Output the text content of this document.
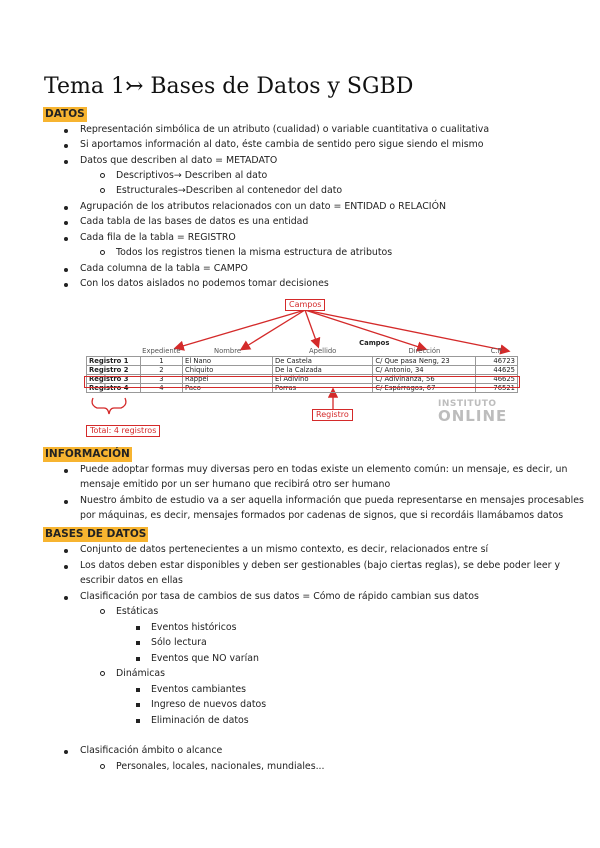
Tema 1↣ Bases de Datos y SGBD
DATOS
Representación simbólica de un atributo (cualidad) o variable cuantitativa o cualitativa
Si aportamos información al dato, éste cambia de sentido pero sigue siendo el mismo
Datos que describen al dato = METADATO
Descriptivos→ Describen al dato
Estructurales→Describen al contenedor del dato
Agrupación de los atributos relacionados con un dato = ENTIDAD o RELACIÓN
Cada tabla de las bases de datos es una entidad
Cada fila de la tabla = REGISTRO
Todos los registros tienen la misma estructura de atributos
Cada columna de la tabla = CAMPO
Con los datos aislados no podemos tomar decisiones
Campos
			Campos		
	Expediente	Nombre	Apellido	Dirección	C.P.
Registro 1	1	El Nano	De Castela	C/ Que pasa Neng, 23	46723
Registro 2	2	Chiquito	De la Calzada	C/ Antonio, 34	44625
Registro 3	3	Rappel	El Adivino	C/ Adivinanza, 56	46625
Registro 4	4	Paco	Porras	C/ Espárragos, 67	76521
INSTITUTO
ONLINE
Registro
Total: 4 registros
INFORMACIÓN
Puede adoptar formas muy diversas pero en todas existe un elemento común: un mensaje, es decir, un
mensaje emitido por un ser humano que recibirá otro ser humano
Nuestro ámbito de estudio va a ser aquella información que pueda representarse en mensajes procesables
por máquinas, es decir, mensajes formados por cadenas de signos, que si recordáis llamábamos datos
BASES DE DATOS
Conjunto de datos pertenecientes a un mismo contexto, es decir, relacionados entre sí
Los datos deben estar disponibles y deben ser gestionables (bajo ciertas reglas), se debe poder leer y
escribir datos en ellas
Clasificación por tasa de cambios de sus datos = Cómo de rápido cambian sus datos
Estáticas
Eventos históricos
Sólo lectura
Eventos que NO varían
Dinámicas
Eventos cambiantes
Ingreso de nuevos datos
Eliminación de datos
Clasificación ámbito o alcance
Personales, locales, nacionales, mundiales...
